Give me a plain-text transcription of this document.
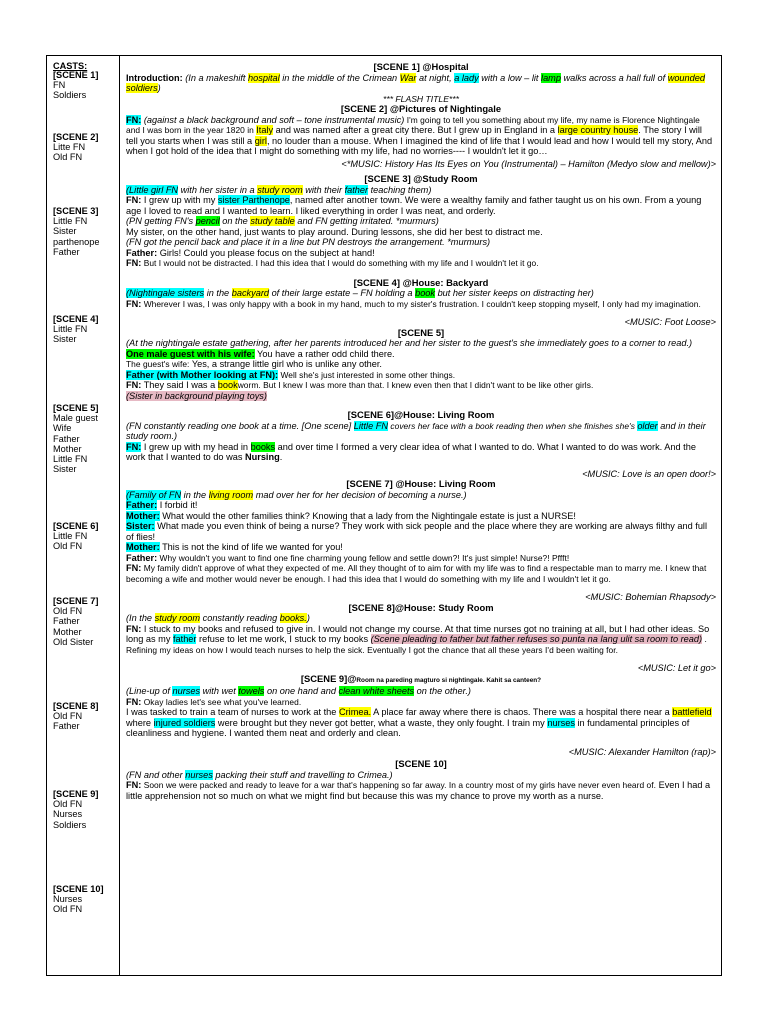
CASTS:
[SCENE 1]
FN
Soldiers
[SCENE 2]
Litte FN
Old FN
[SCENE 3]
Little FN
Sister
parthenope
Father
[SCENE 4]
Little FN
Sister
[SCENE 5]
Male guest
Wife
Father
Mother
Little FN
Sister
[SCENE 6]
Little FN
Old FN
[SCENE 7]
Old FN
Father
Mother
Old Sister
[SCENE 8]
Old FN
Father
[SCENE 9]
Old FN
Nurses
Soldiers
[SCENE 10]
Nurses
Old FN
[SCENE 1] @Hospital
Introduction: (In a makeshift hospital in the middle of the Crimean War at night, a lady with a low – lit lamp walks across a hall full of wounded soldiers)
*** FLASH TITLE***
[SCENE 2] @Pictures of Nightingale
FN: (against a black background and soft – tone instrumental music) I'm going to tell you something about my life, my name is Florence Nightingale and I was born in the year 1820 in Italy and was named after a great city there. But I grew up in England in a large country house. The story I will tell you starts when I was still a girl, no louder than a mouse. When I imagined the kind of life that I would lead and how I would tell my story, And when I got hold of the idea that I might do something with my life, had no worries---- I wouldn't let it go…
<*MUSIC: History Has Its Eyes on You (Instrumental) – Hamilton (Medyo slow and mellow)>
[SCENE 3] @Study Room
(Little girl FN with her sister in a study room with their father teaching them)
FN: I grew up with my sister Parthenope, named after another town. We were a wealthy family and father taught us on his own. From a young age I loved to read and I wanted to learn. I liked everything in order I was neat, and orderly.
(PN getting FN's pencil on the study table and FN getting irritated. *murmurs)
My sister, on the other hand, just wants to play around. During lessons, she did her best to distract me.
(FN got the pencil back and place it in a line but PN destroys the arrangement. *murmurs)
Father: Girls! Could you please focus on the subject at hand!
FN: But I would not be distracted. I had this idea that I would do something with my life and I wouldn't let it go.
[SCENE 4] @House: Backyard
(Nightingale sisters in the backyard of their large estate – FN holding a book but her sister keeps on distracting her)
FN: Wherever I was, I was only happy with a book in my hand, much to my sister's frustration. I couldn't keep stopping myself, I only had my imagination.
<MUSIC: Foot Loose>
[SCENE 5]
(At the nightingale estate gathering, after her parents introduced her and her sister to the guest's she immediately goes to a corner to read.)
One male guest with his wife: You have a rather odd child there.
The guest's wife: Yes, a strange little girl who is unlike any other.
Father (with Mother looking at FN): Well she's just interested in some other things.
FN: They said I was a bookworm. But I knew I was more than that. I knew even then that I didn't want to be like other girls.
(Sister in background playing toys)
[SCENE 6]@House: Living Room
(FN constantly reading one book at a time. [One scene] Little FN covers her face with a book reading then when she finishes she's older and in their study room.)
FN: I grew up with my head in books and over time I formed a very clear idea of what I wanted to do. What I wanted to do was work. And the work that I wanted to do was Nursing.
<MUSIC: Love is an open door!>
[SCENE 7] @House: Living Room
(Family of FN in the living room mad over her for her decision of becoming a nurse.)
Father: I forbid it!
Mother: What would the other families think? Knowing that a lady from the Nightingale estate is just a NURSE!
Sister: What made you even think of being a nurse? They work with sick people and the place where they are working are always filthy and full of flies!
Mother: This is not the kind of life we wanted for you!
Father: Why wouldn't you want to find one fine charming young fellow and settle down?! It's just simple! Nurse?! Pffft!
FN: My family didn't approve of what they expected of me. All they thought of to aim for with my life was to find a respectable man to marry me. I knew that becoming a wife and mother would never be enough. I had this idea that I would do something with my life and I wouldn't let it go.
<MUSIC: Bohemian Rhapsody>
[SCENE 8]@House: Study Room
(In the study room constantly reading books.)
FN: I stuck to my books and refused to give in. I would not change my course. At that time nurses got no training at all, but I had other ideas. So long as my father refuse to let me work, I stuck to my books (Scene pleading to father but father refuses so punta na lang ulit sa room to read) . Refining my ideas on how I would teach nurses to help the sick. Eventually I got the chance that all these years I'd been waiting for.
<MUSIC: Let it go>
[SCENE 9]@Room na pareding magturo si nightingale. Kahit sa canteen?
(Line-up of nurses with wet towels on one hand and clean white sheets on the other.)
FN: Okay ladies let's see what you've learned.
I was tasked to train a team of nurses to work at the Crimea. A place far away where there is chaos. There was a hospital there near a battlefield where injured soldiers were brought but they never got better, what a waste, they only fought. I train my nurses in fundamental principles of cleanliness and hygiene. I wanted them neat and orderly and clean.
<MUSIC: Alexander Hamilton (rap)>
[SCENE 10]
(FN and other nurses packing their stuff and travelling to Crimea.)
FN: Soon we were packed and ready to leave for a war that's happening so far away. In a country most of my girls have never even heard of. Even I had a little apprehension not so much on what we might find but because this was my chance to prove my worth as a nurse.
